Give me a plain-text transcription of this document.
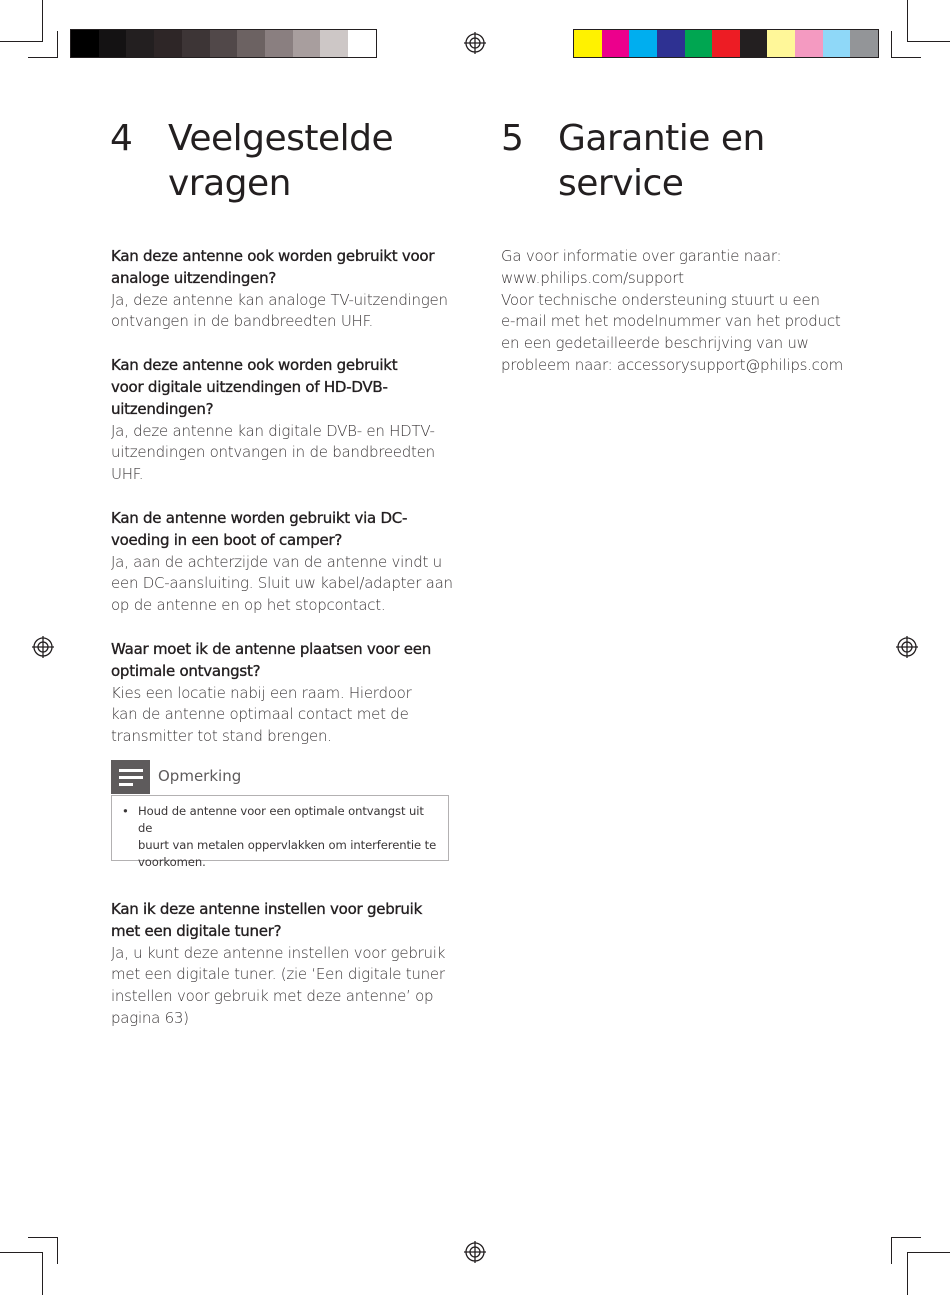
4 Veelgestelde
vragen
5 Garantie en
service
Kan deze antenne ook worden gebruikt voor
analoge uitzendingen?
Ja, deze antenne kan analoge TV-uitzendingen
ontvangen in de bandbreedten UHF.
Kan deze antenne ook worden gebruikt
voor digitale uitzendingen of HD-DVB-
uitzendingen?
Ja, deze antenne kan digitale DVB- en HDTV-
uitzendingen ontvangen in de bandbreedten
UHF.
Kan de antenne worden gebruikt via DC-
voeding in een boot of camper?
Ja, aan de achterzijde van de antenne vindt u
een DC-aansluiting. Sluit uw kabel/adapter aan
op de antenne en op het stopcontact.
Waar moet ik de antenne plaatsen voor een
optimale ontvangst?
Kies een locatie nabij een raam. Hierdoor
kan de antenne optimaal contact met de
transmitter tot stand brengen.
Opmerking
• Houd de antenne voor een optimale ontvangst uit de
buurt van metalen oppervlakken om interferentie te
voorkomen.
Kan ik deze antenne instellen voor gebruik
met een digitale tuner?
Ja, u kunt deze antenne instellen voor gebruik
met een digitale tuner. (zie ‘Een digitale tuner
instellen voor gebruik met deze antenne’ op
pagina 63)
Ga voor informatie over garantie naar:
www.philips.com/support
Voor technische ondersteuning stuurt u een
e-mail met het modelnummer van het product
en een gedetailleerde beschrijving van uw
probleem naar: accessorysupport@philips.com
